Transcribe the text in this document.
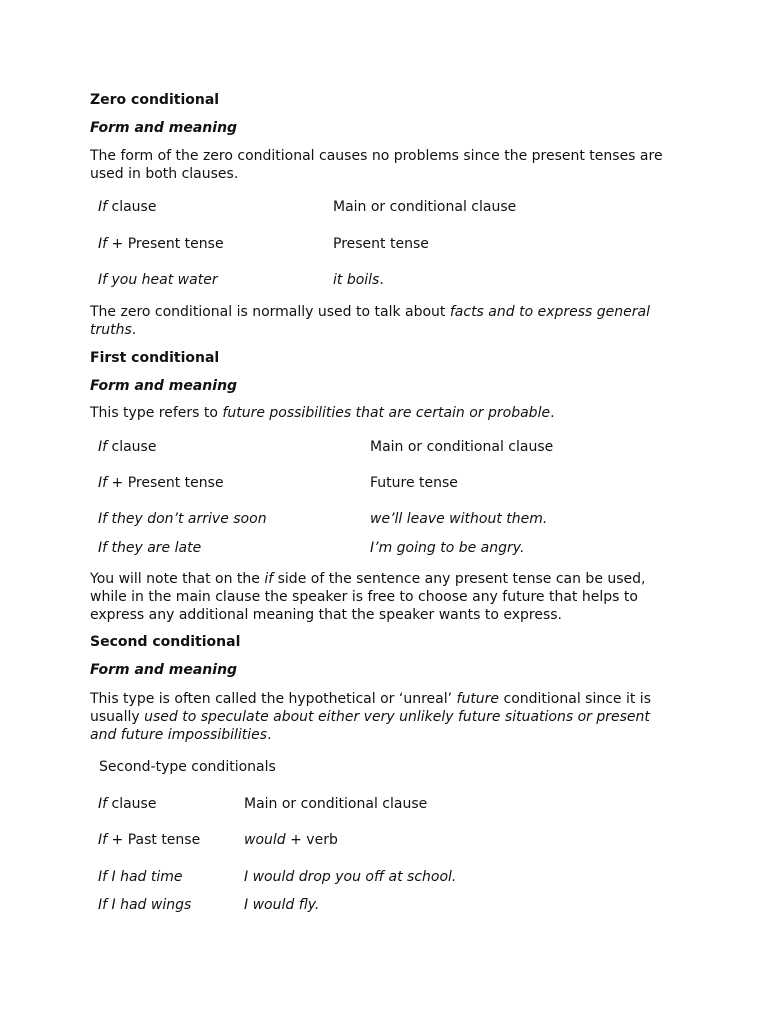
Zero conditional
Form and meaning
The form of the zero conditional causes no problems since the present tenses are used in both clauses.
If clause	Main or conditional clause
If + Present tense	Present tense
If you heat water	it boils.
The zero conditional is normally used to talk about facts and to express general truths.
First conditional
Form and meaning
This type refers to future possibilities that are certain or probable.
If clause	Main or conditional clause
If + Present tense	Future tense
If they don’t arrive soon	we’ll leave without them.
If they are late	I’m going to be angry.
You will note that on the if side of the sentence any present tense can be used, while in the main clause the speaker is free to choose any future that helps to express any additional meaning that the speaker wants to express.
Second conditional
Form and meaning
This type is often called the hypothetical or ‘unreal’ future conditional since it is usually used to speculate about either very unlikely future situations or present and future impossibilities.
Second-type conditionals
If clause	Main or conditional clause
If + Past tense	would + verb
If I had time	I would drop you off at school.
If I had wings	I would fly.
